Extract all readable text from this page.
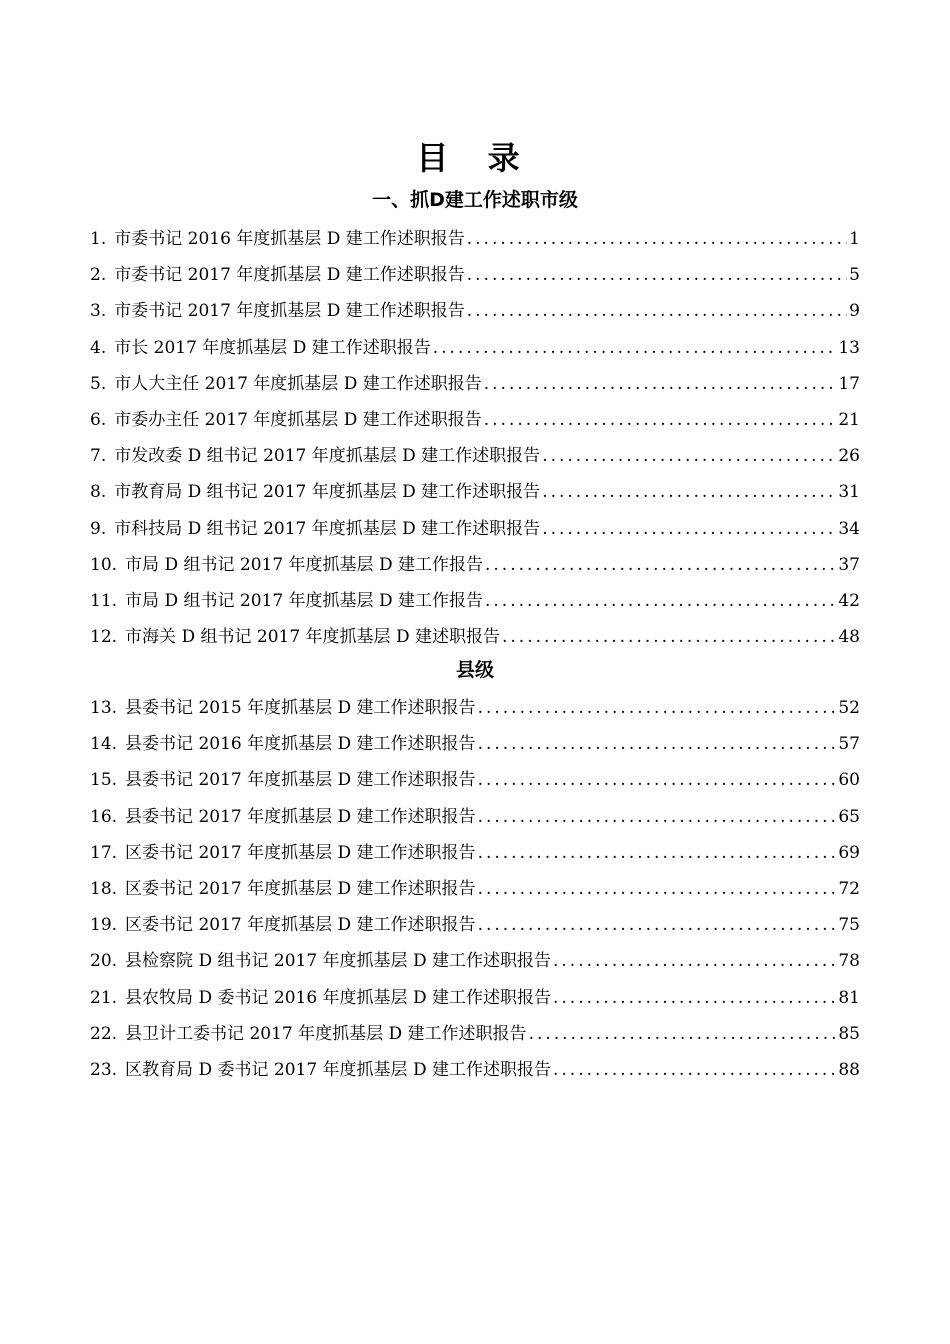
目 录
一、抓D建工作述职市级
1. 市委书记 2016 年度抓基层 D 建工作述职报告 .....	1
2. 市委书记 2017 年度抓基层 D 建工作述职报告 .....	5
3. 市委书记 2017 年度抓基层 D 建工作述职报告 .....	9
4. 市长 2017 年度抓基层 D 建工作述职报告 .....	13
5. 市人大主任 2017 年度抓基层 D 建工作述职报告 .....	17
6. 市委办主任 2017 年度抓基层 D 建工作述职报告 .....	21
7. 市发改委 D 组书记 2017 年度抓基层 D 建工作述职报告 .....	26
8. 市教育局 D 组书记 2017 年度抓基层 D 建工作述职报告 .....	31
9. 市科技局 D 组书记 2017 年度抓基层 D 建工作述职报告 .....	34
10. 市局 D 组书记 2017 年度抓基层 D 建工作报告 .....	37
11. 市局 D 组书记 2017 年度抓基层 D 建工作报告 .....	42
12. 市海关 D 组书记 2017 年度抓基层 D 建述职报告 .....	48
县级
13. 县委书记 2015 年度抓基层 D 建工作述职报告 .....	52
14. 县委书记 2016 年度抓基层 D 建工作述职报告 .....	57
15. 县委书记 2017 年度抓基层 D 建工作述职报告 .....	60
16. 县委书记 2017 年度抓基层 D 建工作述职报告 .....	65
17. 区委书记 2017 年度抓基层 D 建工作述职报告 .....	69
18. 区委书记 2017 年度抓基层 D 建工作述职报告 .....	72
19. 区委书记 2017 年度抓基层 D 建工作述职报告 .....	75
20. 县检察院 D 组书记 2017 年度抓基层 D 建工作述职报告 .....	78
21. 县农牧局 D 委书记 2016 年度抓基层 D 建工作述职报告 .....	81
22. 县卫计工委书记 2017 年度抓基层 D 建工作述职报告 .....	85
23. 区教育局 D 委书记 2017 年度抓基层 D 建工作述职报告 .....	88
